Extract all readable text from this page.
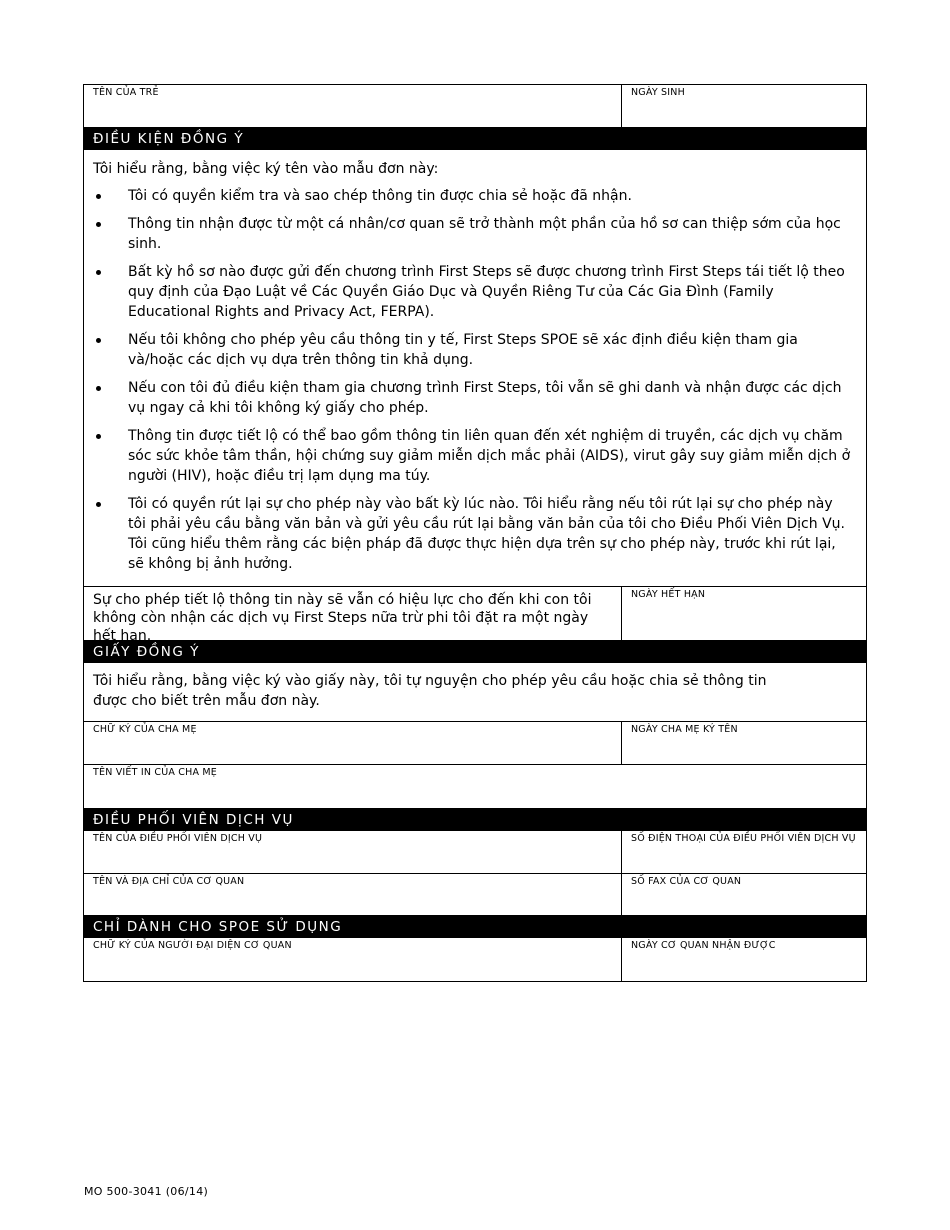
TÊN CỦA TRẺ	NGÀY SINH
ĐIỀU KIỆN ĐỒNG Ý
Tôi hiểu rằng, bằng việc ký tên vào mẫu đơn này:
Tôi có quyền kiểm tra và sao chép thông tin được chia sẻ hoặc đã nhận.
Thông tin nhận được từ một cá nhân/cơ quan sẽ trở thành một phần của hồ sơ can thiệp sớm của học sinh.
Bất kỳ hồ sơ nào được gửi đến chương trình First Steps sẽ được chương trình First Steps tái tiết lộ theo quy định của Đạo Luật về Các Quyền Giáo Dục và Quyền Riêng Tư của Các Gia Đình (Family Educational Rights and Privacy Act, FERPA).
Nếu tôi không cho phép yêu cầu thông tin y tế, First Steps SPOE sẽ xác định điều kiện tham gia và/hoặc các dịch vụ dựa trên thông tin khả dụng.
Nếu con tôi đủ điều kiện tham gia chương trình First Steps, tôi vẫn sẽ ghi danh và nhận được các dịch vụ ngay cả khi tôi không ký giấy cho phép.
Thông tin được tiết lộ có thể bao gồm thông tin liên quan đến xét nghiệm di truyền, các dịch vụ chăm sóc sức khỏe tâm thần, hội chứng suy giảm miễn dịch mắc phải (AIDS), virut gây suy giảm miễn dịch ở người (HIV), hoặc điều trị lạm dụng ma túy.
Tôi có quyền rút lại sự cho phép này vào bất kỳ lúc nào. Tôi hiểu rằng nếu tôi rút lại sự cho phép này tôi phải yêu cầu bằng văn bản và gửi yêu cầu rút lại bằng văn bản của tôi cho Điều Phối Viên Dịch Vụ. Tôi cũng hiểu thêm rằng các biện pháp đã được thực hiện dựa trên sự cho phép này, trước khi rút lại, sẽ không bị ảnh hưởng.
Sự cho phép tiết lộ thông tin này sẽ vẫn có hiệu lực cho đến khi con tôi không còn nhận các dịch vụ First Steps nữa trừ phi tôi đặt ra một ngày hết hạn.
NGÀY HẾT HẠN
GIẤY ĐỒNG Ý
Tôi hiểu rằng, bằng việc ký vào giấy này, tôi tự nguyện cho phép yêu cầu hoặc chia sẻ thông tin được cho biết trên mẫu đơn này.
CHỮ KÝ CỦA CHA MẸ	NGÀY CHA MẸ KÝ TÊN
TÊN VIẾT IN CỦA CHA MẸ
ĐIỀU PHỐI VIÊN DỊCH VỤ
TÊN CỦA ĐIỀU PHỐI VIÊN DỊCH VỤ	SỐ ĐIỆN THOẠI CỦA ĐIỀU PHỐI VIÊN DỊCH VỤ
TÊN VÀ ĐỊA CHỈ CỦA CƠ QUAN	SỐ FAX CỦA CƠ QUAN
CHỈ DÀNH CHO SPOE SỬ DỤNG
CHỮ KÝ CỦA NGƯỜI ĐẠI DIỆN CƠ QUAN	NGÀY CƠ QUAN NHẬN ĐƯỢC
MO 500-3041 (06/14)
